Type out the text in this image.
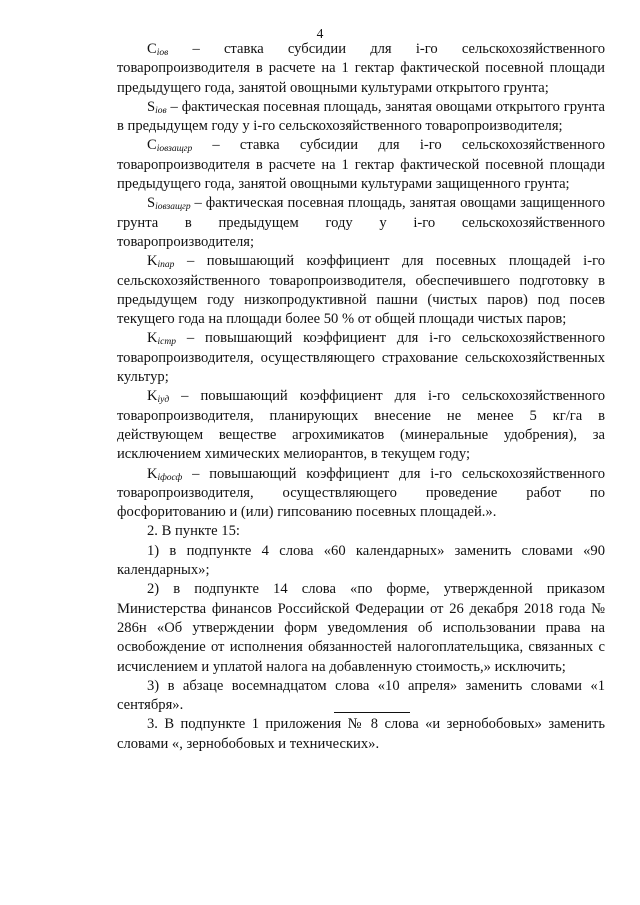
4

$C_{iов}$ – ставка субсидии для i-го сельскохозяйственного товаропроизводителя в расчете на 1 гектар фактической посевной площади предыдущего года, занятой овощными культурами открытого грунта;

$S_{iов}$ – фактическая посевная площадь, занятая овощами открытого грунта в предыдущем году у i-го сельскохозяйственного товаропроизводителя;

$C_{iовзащгр}$ – ставка субсидии для i-го сельскохозяйственного товаропроизводителя в расчете на 1 гектар фактической посевной площади предыдущего года, занятой овощными культурами защищенного грунта;

$S_{iовзащгр}$ – фактическая посевная площадь, занятая овощами защищенного грунта в предыдущем году у i-го сельскохозяйственного товаропроизводителя;

$K_{iпар}$ – повышающий коэффициент для посевных площадей i-го сельскохозяйственного товаропроизводителя, обеспечившего подготовку в предыдущем году низкопродуктивной пашни (чистых паров) под посев текущего года на площади более 50 % от общей площади чистых паров;

$K_{iстр}$ – повышающий коэффициент для i-го сельскохозяйственного товаропроизводителя, осуществляющего страхование сельскохозяйственных культур;

$K_{iуд}$ – повышающий коэффициент для i-го сельскохозяйственного товаропроизводителя, планирующих внесение не менее 5 кг/га в действующем веществе агрохимикатов (минеральные удобрения), за исключением химических мелиорантов, в текущем году;

$K_{iфосф}$ – повышающий коэффициент для i-го сельскохозяйственного товаропроизводителя, осуществляющего проведение работ по фосфоритованию и (или) гипсованию посевных площадей.».

2. В пункте 15:

1) в подпункте 4 слова «60 календарных» заменить словами «90 календарных»;

2) в подпункте 14 слова «по форме, утвержденной приказом Министерства финансов Российской Федерации от 26 декабря 2018 года № 286н «Об утверждении форм уведомления об использовании права на освобождение от исполнения обязанностей налогоплательщика, связанных с исчислением и уплатой налога на добавленную стоимость,» исключить;

3) в абзаце восемнадцатом слова «10 апреля» заменить словами «1 сентября».

3. В подпункте 1 приложения № 8 слова «и зернобобовых» заменить словами «, зернобобовых и технических».
